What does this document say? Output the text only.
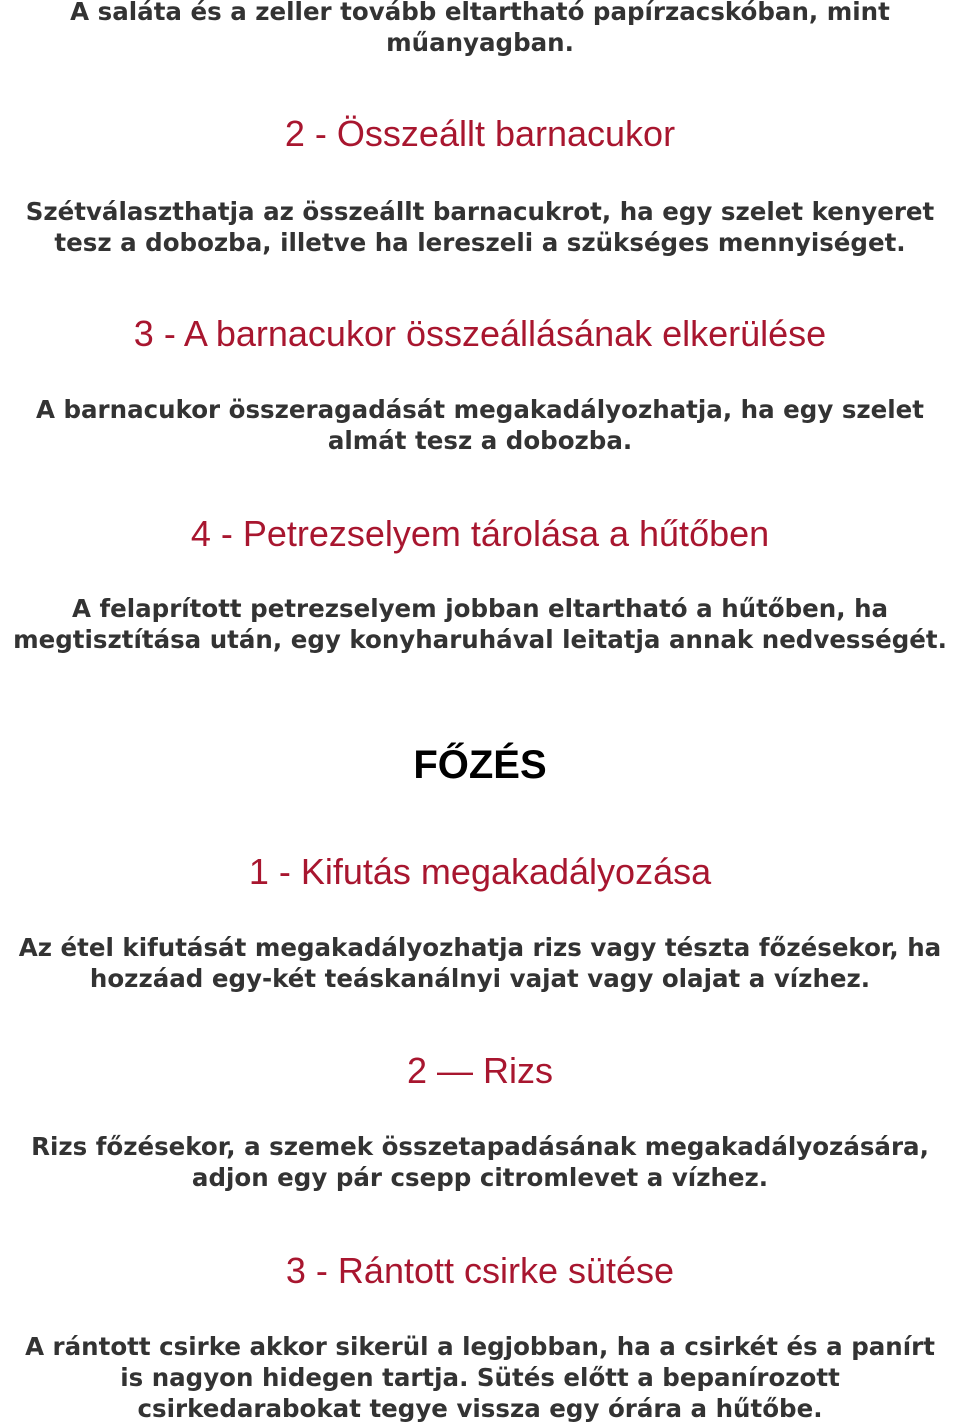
A saláta és a zeller tovább eltartható papírzacskóban, mint
műanyagban.
2 - Összeállt barnacukor
Szétválaszthatja az összeállt barnacukrot, ha egy szelet kenyeret
tesz a dobozba, illetve ha lereszeli a szükséges mennyiséget.
3 - A barnacukor összeállásának elkerülése
A barnacukor összeragadását megakadályozhatja, ha egy szelet
almát tesz a dobozba.
4 - Petrezselyem tárolása a hűtőben
A felaprított petrezselyem jobban eltartható a hűtőben, ha
megtisztítása után, egy konyharuhával leitatja annak nedvességét.
FŐZÉS
1 - Kifutás megakadályozása
Az étel kifutását megakadályozhatja rizs vagy tészta főzésekor, ha
hozzáad egy-két teáskanálnyi vajat vagy olajat a vízhez.
2 — Rizs
Rizs főzésekor, a szemek összetapadásának megakadályozására,
adjon egy pár csepp citromlevet a vízhez.
3 - Rántott csirke sütése
A rántott csirke akkor sikerül a legjobban, ha a csirkét és a panírt
is nagyon hidegen tartja. Sütés előtt a bepanírozott
csirkedarabokat tegye vissza egy órára a hűtőbe.
